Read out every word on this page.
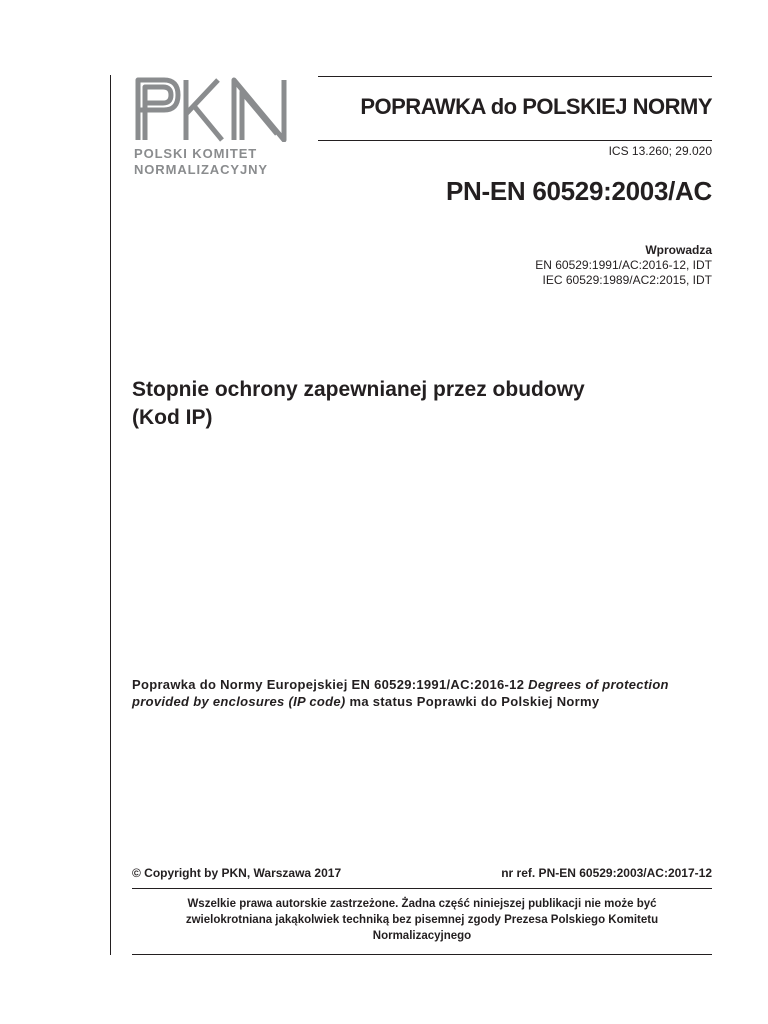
POLSKI KOMITET
NORMALIZACYJNY
POPRAWKA do POLSKIEJ NORMY
ICS 13.260; 29.020
PN-EN 60529:2003/AC
Wprowadza
EN 60529:1991/AC:2016-12, IDT
IEC 60529:1989/AC2:2015, IDT
Stopnie ochrony zapewnianej przez obudowy
(Kod IP)
Poprawka do Normy Europejskiej EN 60529:1991/AC:2016-12 Degrees of protection provided by enclosures (IP code) ma status Poprawki do Polskiej Normy
© Copyright by PKN, Warszawa 2017	nr ref. PN-EN 60529:2003/AC:2017-12
Wszelkie prawa autorskie zastrzeżone. Żadna część niniejszej publikacji nie może być
zwielokrotniana jakąkolwiek techniką bez pisemnej zgody Prezesa Polskiego Komitetu
Normalizacyjnego
